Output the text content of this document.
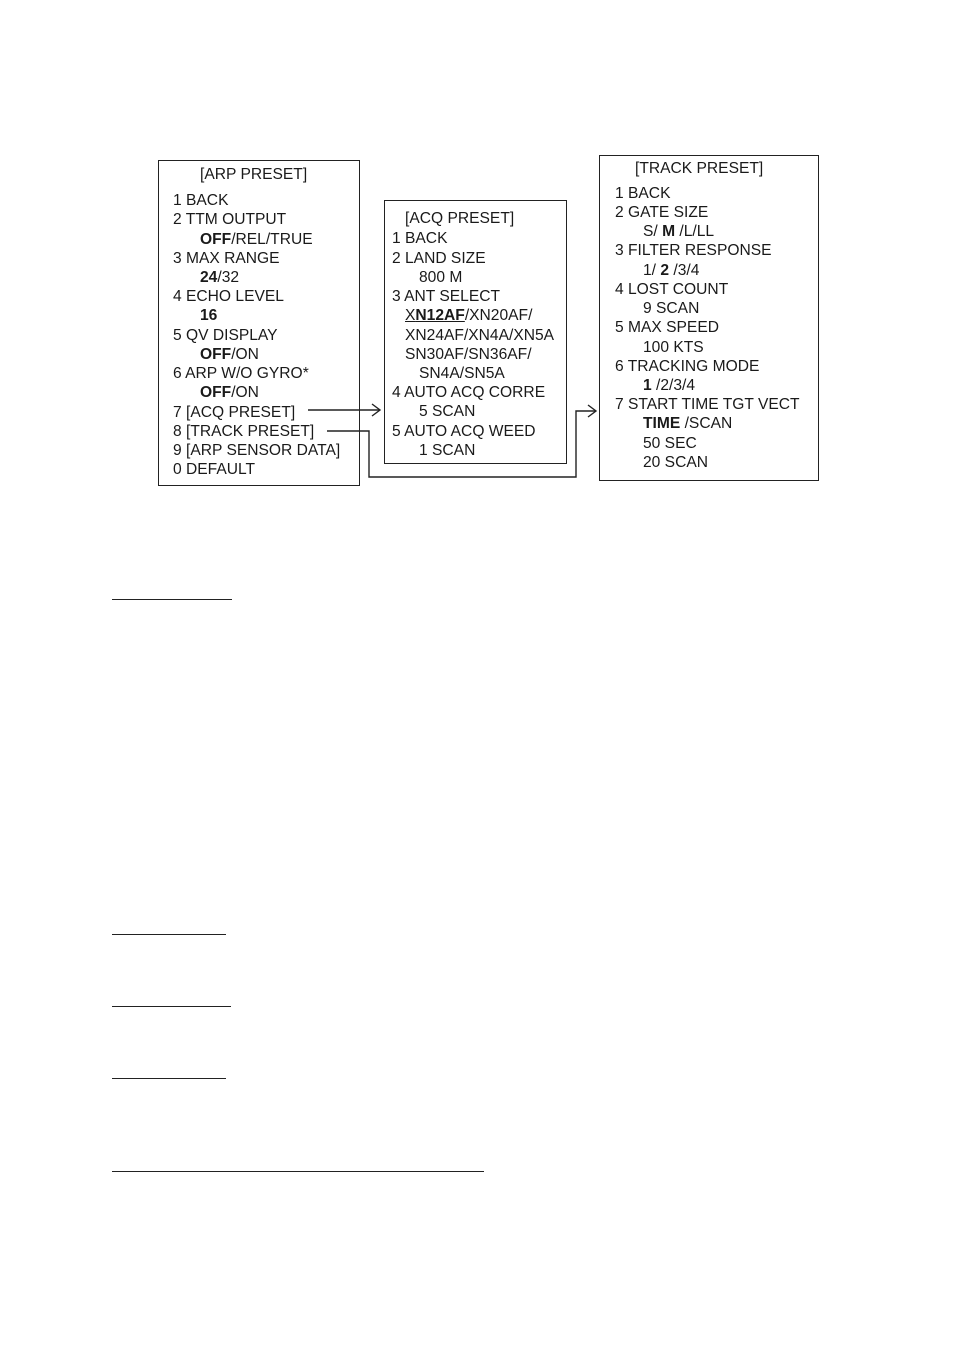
[ARP PRESET]
1 BACK
2 TTM OUTPUT
OFF/REL/TRUE
3 MAX RANGE
24/32
4 ECHO LEVEL
16
5 QV DISPLAY
OFF/ON
6 ARP W/O GYRO*
OFF/ON
7 [ACQ PRESET]
8 [TRACK PRESET]
9 [ARP SENSOR DATA]
0 DEFAULT
[ACQ PRESET]
1 BACK
2 LAND SIZE
800 M
3 ANT SELECT
XN12AF/XN20AF/
XN24AF/XN4A/XN5A
SN30AF/SN36AF/
SN4A/SN5A
4 AUTO ACQ CORRE
5 SCAN
5 AUTO ACQ WEED
1 SCAN
[TRACK PRESET]
1 BACK
2 GATE SIZE
S/ M /L/LL
3 FILTER RESPONSE
1/ 2 /3/4
4 LOST COUNT
9 SCAN
5 MAX SPEED
100 KTS
6 TRACKING MODE
1 /2/3/4
7 START TIME TGT VECT
TIME /SCAN
50 SEC
20 SCAN
